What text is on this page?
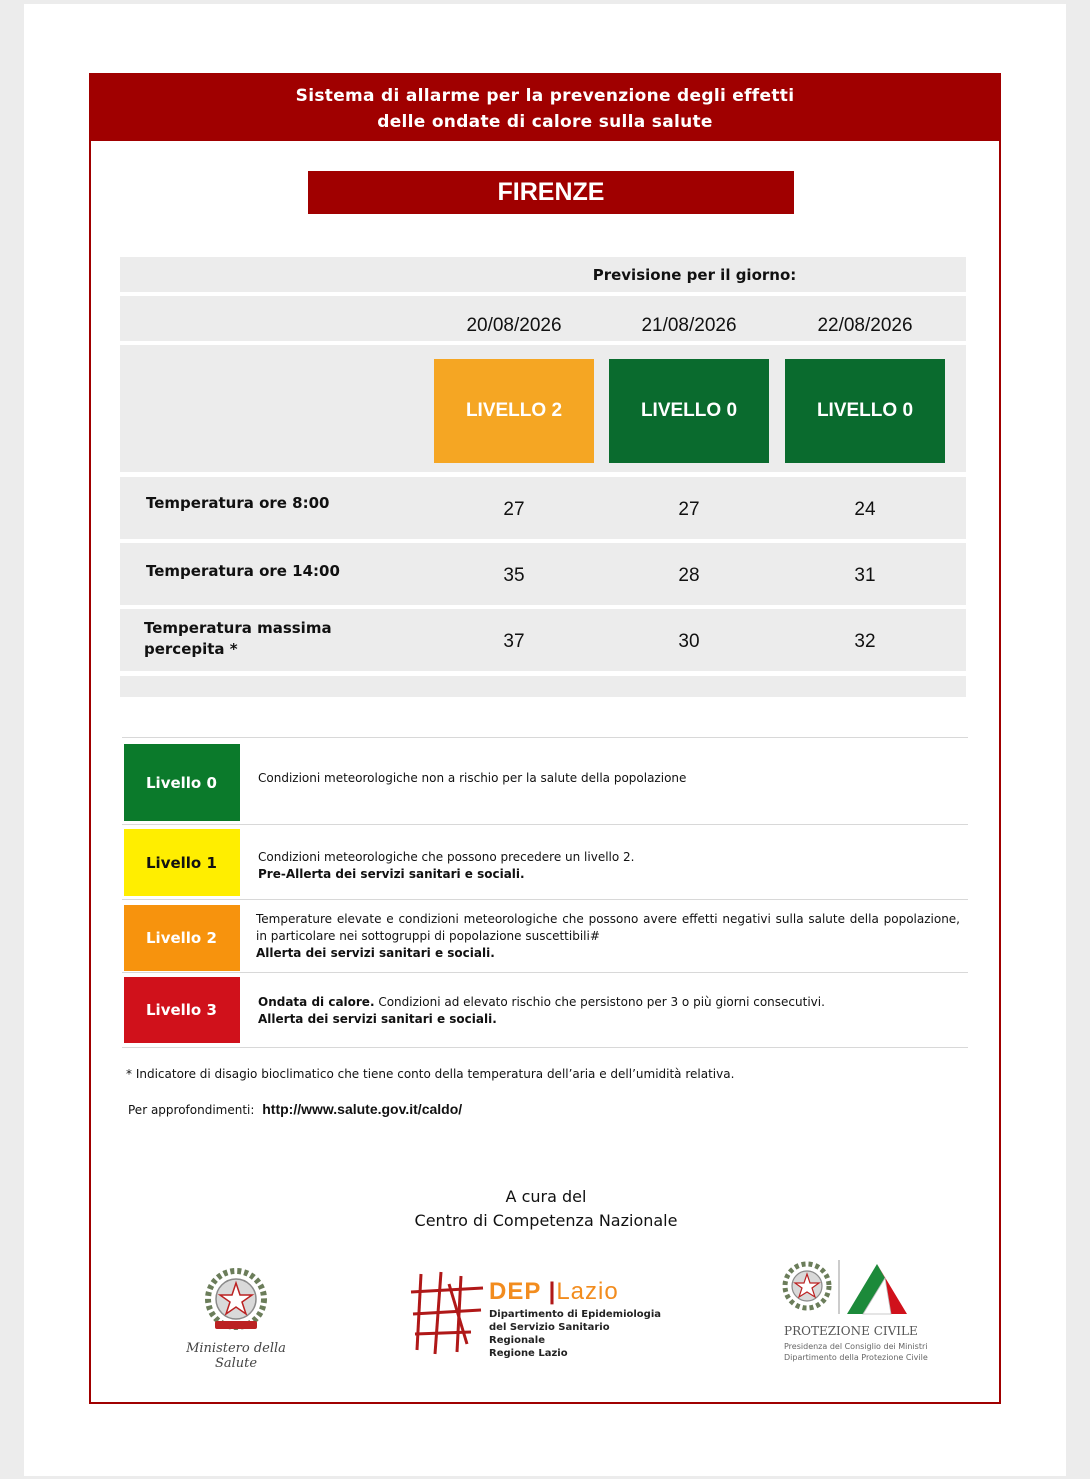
Sistema di allarme per la prevenzione degli effetti
delle ondate di calore sulla salute
FIRENZE
Previsione per il giorno:
20/08/2026	21/08/2026	22/08/2026
LIVELLO 2	LIVELLO 0	LIVELLO 0
Temperatura ore 8:00	27	27	24
Temperatura ore 14:00	35	28	31
Temperatura massima
percepita *	37	30	32
Livello 0	Condizioni meteorologiche non a rischio per la salute della popolazione
Livello 1	Condizioni meteorologiche che possono precedere un livello 2.
Pre-Allerta dei servizi sanitari e sociali.
Livello 2
Temperature elevate e condizioni meteorologiche che possono avere effetti negativi sulla salute della popolazione, in particolare nei sottogruppi di popolazione suscettibili#
Allerta dei servizi sanitari e sociali.
Livello 3	Ondata di calore. Condizioni ad elevato rischio che persistono per 3 o più giorni consecutivi.
Allerta dei servizi sanitari e sociali.
* Indicatore di disagio bioclimatico che tiene conto della temperatura dell’aria e dell’umidità relativa.
Per approfondimenti: http://www.salute.gov.it/caldo/
A cura del
Centro di Competenza Nazionale
Ministero della Salute
DEP |Lazio
Dipartimento di Epidemiologia
del Servizio Sanitario Regionale
Regione Lazio
PROTEZIONE CIVILE
Presidenza del Consiglio dei Ministri
Dipartimento della Protezione Civile
